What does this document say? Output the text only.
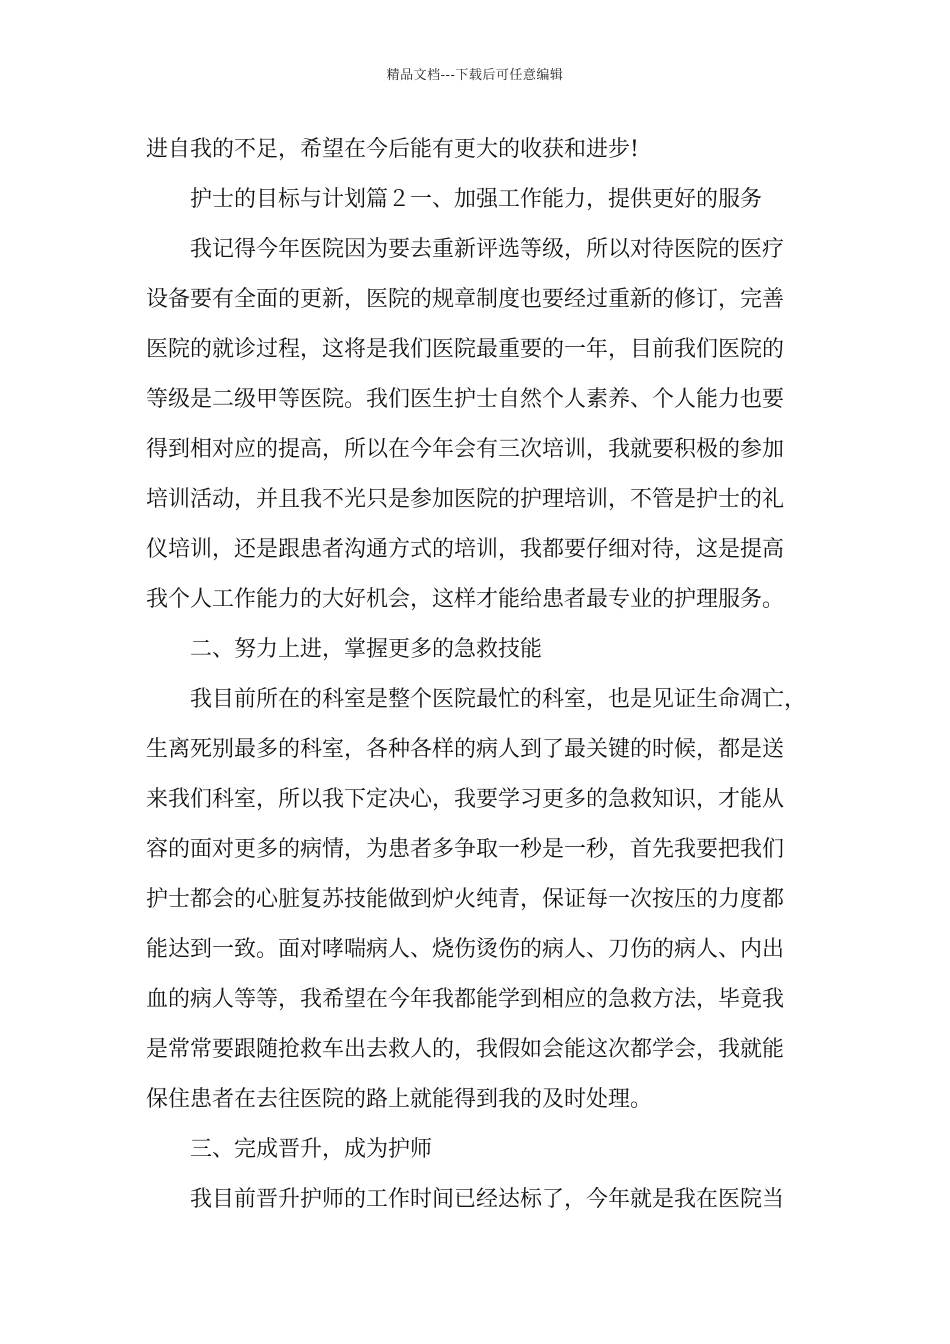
精品文档---下载后可任意编辑
进自我的不足，希望在今后能有更大的收获和进步!
护士的目标与计划篇２一、加强工作能力，提供更好的服务
我记得今年医院因为要去重新评选等级，所以对待医院的医疗
设备要有全面的更新，医院的规章制度也要经过重新的修订，完善
医院的就诊过程，这将是我们医院最重要的一年，目前我们医院的
等级是二级甲等医院。我们医生护士自然个人素养、个人能力也要
得到相对应的提高，所以在今年会有三次培训，我就要积极的参加
培训活动，并且我不光只是参加医院的护理培训，不管是护士的礼
仪培训，还是跟患者沟通方式的培训，我都要仔细对待，这是提高
我个人工作能力的大好机会，这样才能给患者最专业的护理服务。
二、努力上进，掌握更多的急救技能
我目前所在的科室是整个医院最忙的科室，也是见证生命凋亡，
生离死别最多的科室，各种各样的病人到了最关键的时候，都是送
来我们科室，所以我下定决心，我要学习更多的急救知识，才能从
容的面对更多的病情，为患者多争取一秒是一秒，首先我要把我们
护士都会的心脏复苏技能做到炉火纯青，保证每一次按压的力度都
能达到一致。面对哮喘病人、烧伤烫伤的病人、刀伤的病人、内出
血的病人等等，我希望在今年我都能学到相应的急救方法，毕竟我
是常常要跟随抢救车出去救人的，我假如会能这次都学会，我就能
保住患者在去往医院的路上就能得到我的及时处理。
三、完成晋升，成为护师
我目前晋升护师的工作时间已经达标了，今年就是我在医院当
